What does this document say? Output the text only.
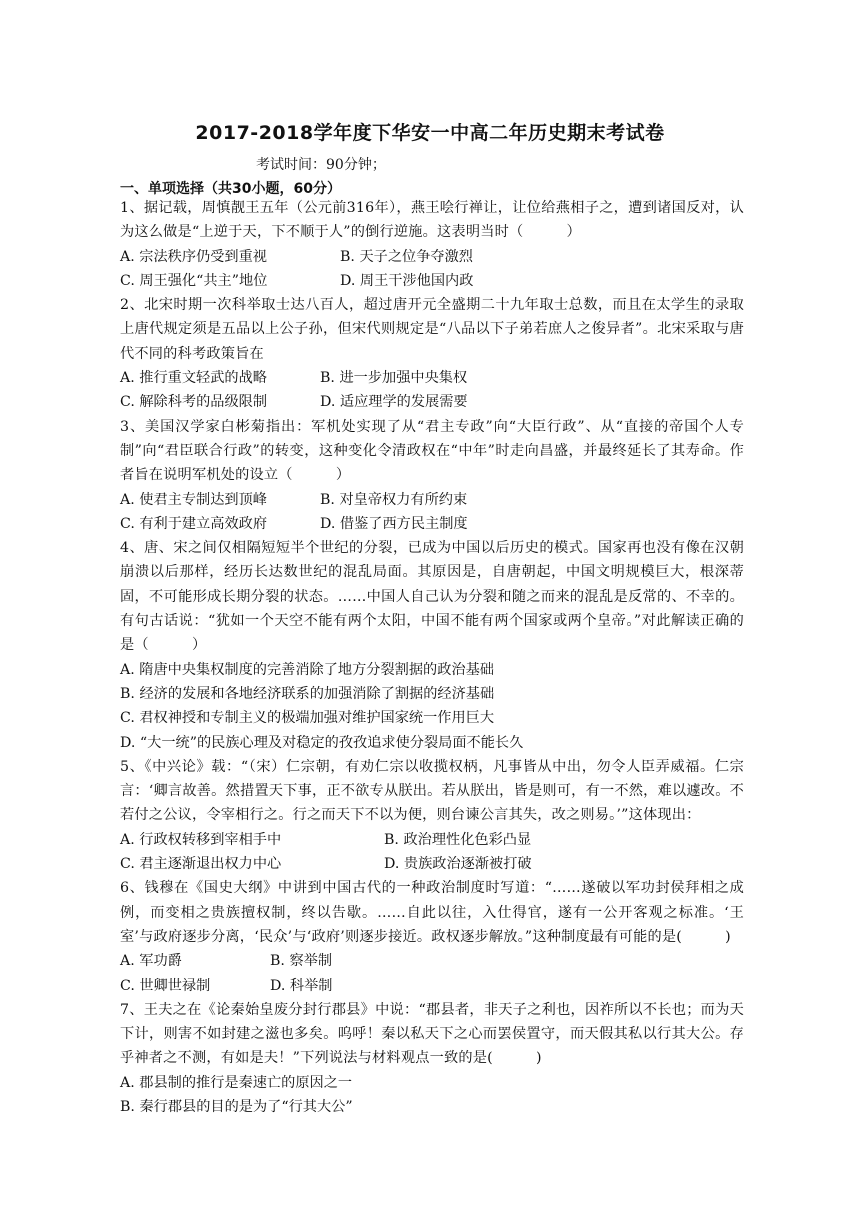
2017-2018学年度下华安一中高二年历史期末考试卷
考试时间：90分钟；
一、单项选择（共30小题，60分）

1、据记载，周慎靓王五年（公元前316年），燕王哙行禅让，让位给燕相子之，遭到诸国反对，认为这么做是“上逆于天，下不顺于人”的倒行逆施。这表明当时（　　　）

A. 宗法秩序仍受到重视	B. 天子之位争夺激烈
C. 周王强化“共主”地位	D. 周王干涉他国内政

2、北宋时期一次科举取士达八百人，超过唐开元全盛期二十九年取士总数，而且在太学生的录取上唐代规定须是五品以上公子孙，但宋代则规定是“八品以下子弟若庶人之俊异者”。北宋采取与唐代不同的科考政策旨在

A. 推行重文轻武的战略	B. 进一步加强中央集权
C. 解除科考的品级限制	D. 适应理学的发展需要

3、美国汉学家白彬菊指出：军机处实现了从“君主专政”向“大臣行政”、从“直接的帝国个人专制”向“君臣联合行政”的转变，这种变化令清政权在“中年”时走向昌盛，并最终延长了其寿命。作者旨在说明军机处的设立（　　　）

A. 使君主专制达到顶峰	B. 对皇帝权力有所约束
C. 有利于建立高效政府	D. 借鉴了西方民主制度

4、唐、宋之间仅相隔短短半个世纪的分裂，已成为中国以后历史的模式。国家再也没有像在汉朝崩溃以后那样，经历长达数世纪的混乱局面。其原因是，自唐朝起，中国文明规模巨大，根深蒂固，不可能形成长期分裂的状态。……中国人自己认为分裂和随之而来的混乱是反常的、不幸的。有句古话说：“犹如一个天空不能有两个太阳，中国不能有两个国家或两个皇帝。”对此解读正确的是（　　　）

A. 隋唐中央集权制度的完善消除了地方分裂割据的政治基础
B. 经济的发展和各地经济联系的加强消除了割据的经济基础
C. 君权神授和专制主义的极端加强对维护国家统一作用巨大
D. “大一统”的民族心理及对稳定的孜孜追求使分裂局面不能长久

5、《中兴论》载：“（宋）仁宗朝，有劝仁宗以收揽权柄，凡事皆从中出，勿令人臣弄威福。仁宗言：‘卿言故善。然措置天下事，正不欲专从朕出。若从朕出，皆是则可，有一不然，难以遽改。不若付之公议，令宰相行之。行之而天下不以为便，则台谏公言其失，改之则易。’”这体现出：

A. 行政权转移到宰相手中	B. 政治理性化色彩凸显
C. 君主逐渐退出权力中心	D. 贵族政治逐渐被打破

6、钱穆在《国史大纲》中讲到中国古代的一种政治制度时写道：“……遂破以军功封侯拜相之成例，而变相之贵族擅权制，终以告歇。……自此以往，入仕得官，遂有一公开客观之标准。‘王室’与政府逐步分离，‘民众’与‘政府’则逐步接近。政权逐步解放。”这种制度最有可能的是(　　　)

A. 军功爵	B. 察举制
C. 世卿世禄制	D. 科举制

7、王夫之在《论秦始皇废分封行郡县》中说：“郡县者，非天子之利也，因祚所以不长也；而为天下计，则害不如封建之滋也多矣。呜呼！秦以私天下之心而罢侯置守，而天假其私以行其大公。存乎神者之不测，有如是夫！”下列说法与材料观点一致的是(　　　)

A. 郡县制的推行是秦速亡的原因之一
B. 秦行郡县的目的是为了“行其大公”
